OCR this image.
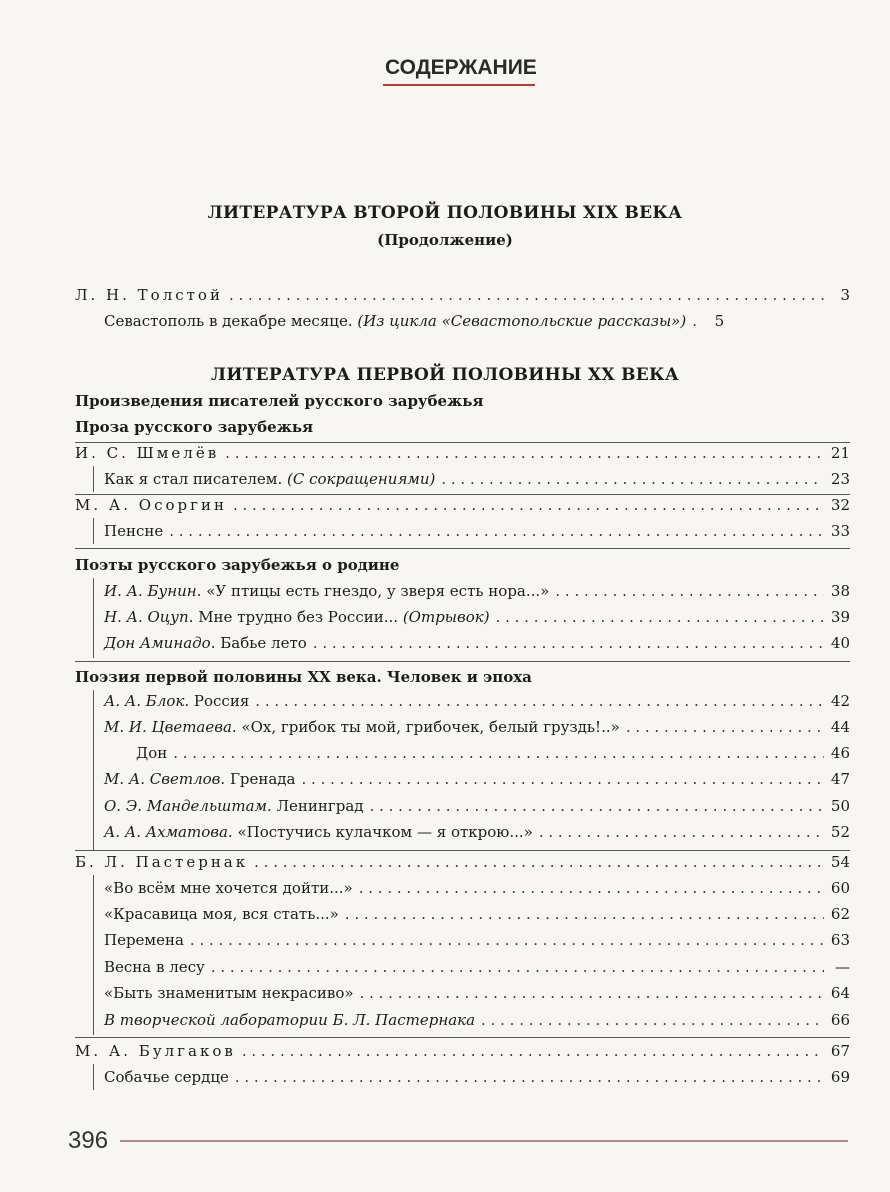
СОДЕРЖАНИЕ
ЛИТЕРАТУРА ВТОРОЙ ПОЛОВИНЫ XIX ВЕКА
(Продолжение)
Л. Н. Толстой . . .	3
Севастополь в декабре месяце. (Из цикла «Севастопольские рассказы») . . .	5
ЛИТЕРАТУРА ПЕРВОЙ ПОЛОВИНЫ XX ВЕКА
Произведения писателей русского зарубежья
Проза русского зарубежья
И. С. Шмелёв . . .	21
Как я стал писателем. (С сокращениями) . . .	23
М. А. Осоргин . . .	32
Пенсне . . .	33
Поэты русского зарубежья о родине
И. А. Бунин. «У птицы есть гнездо, у зверя есть нора...» . . .	38
Н. А. Оцуп. Мне трудно без России... (Отрывок) . . .	39
Дон Аминадо. Бабье лето . . .	40
Поэзия первой половины XX века. Человек и эпоха
А. А. Блок. Россия . . .	42
М. И. Цветаева. «Ох, грибок ты мой, грибочек, белый груздь!..» . . .	44
Дон . . .	46
М. А. Светлов. Гренада . . .	47
О. Э. Мандельштам. Ленинград . . .	50
А. А. Ахматова. «Постучись кулачком — я открою...» . . .	52
Б. Л. Пастернак . . .	54
«Во всём мне хочется дойти...» . . .	60
«Красавица моя, вся стать...» . . .	62
Перемена . . .	63
Весна в лесу . . .	—
«Быть знаменитым некрасиво» . . .	64
В творческой лаборатории Б. Л. Пастернака . . .	66
М. А. Булгаков . . .	67
Собачье сердце . . .	69
396
